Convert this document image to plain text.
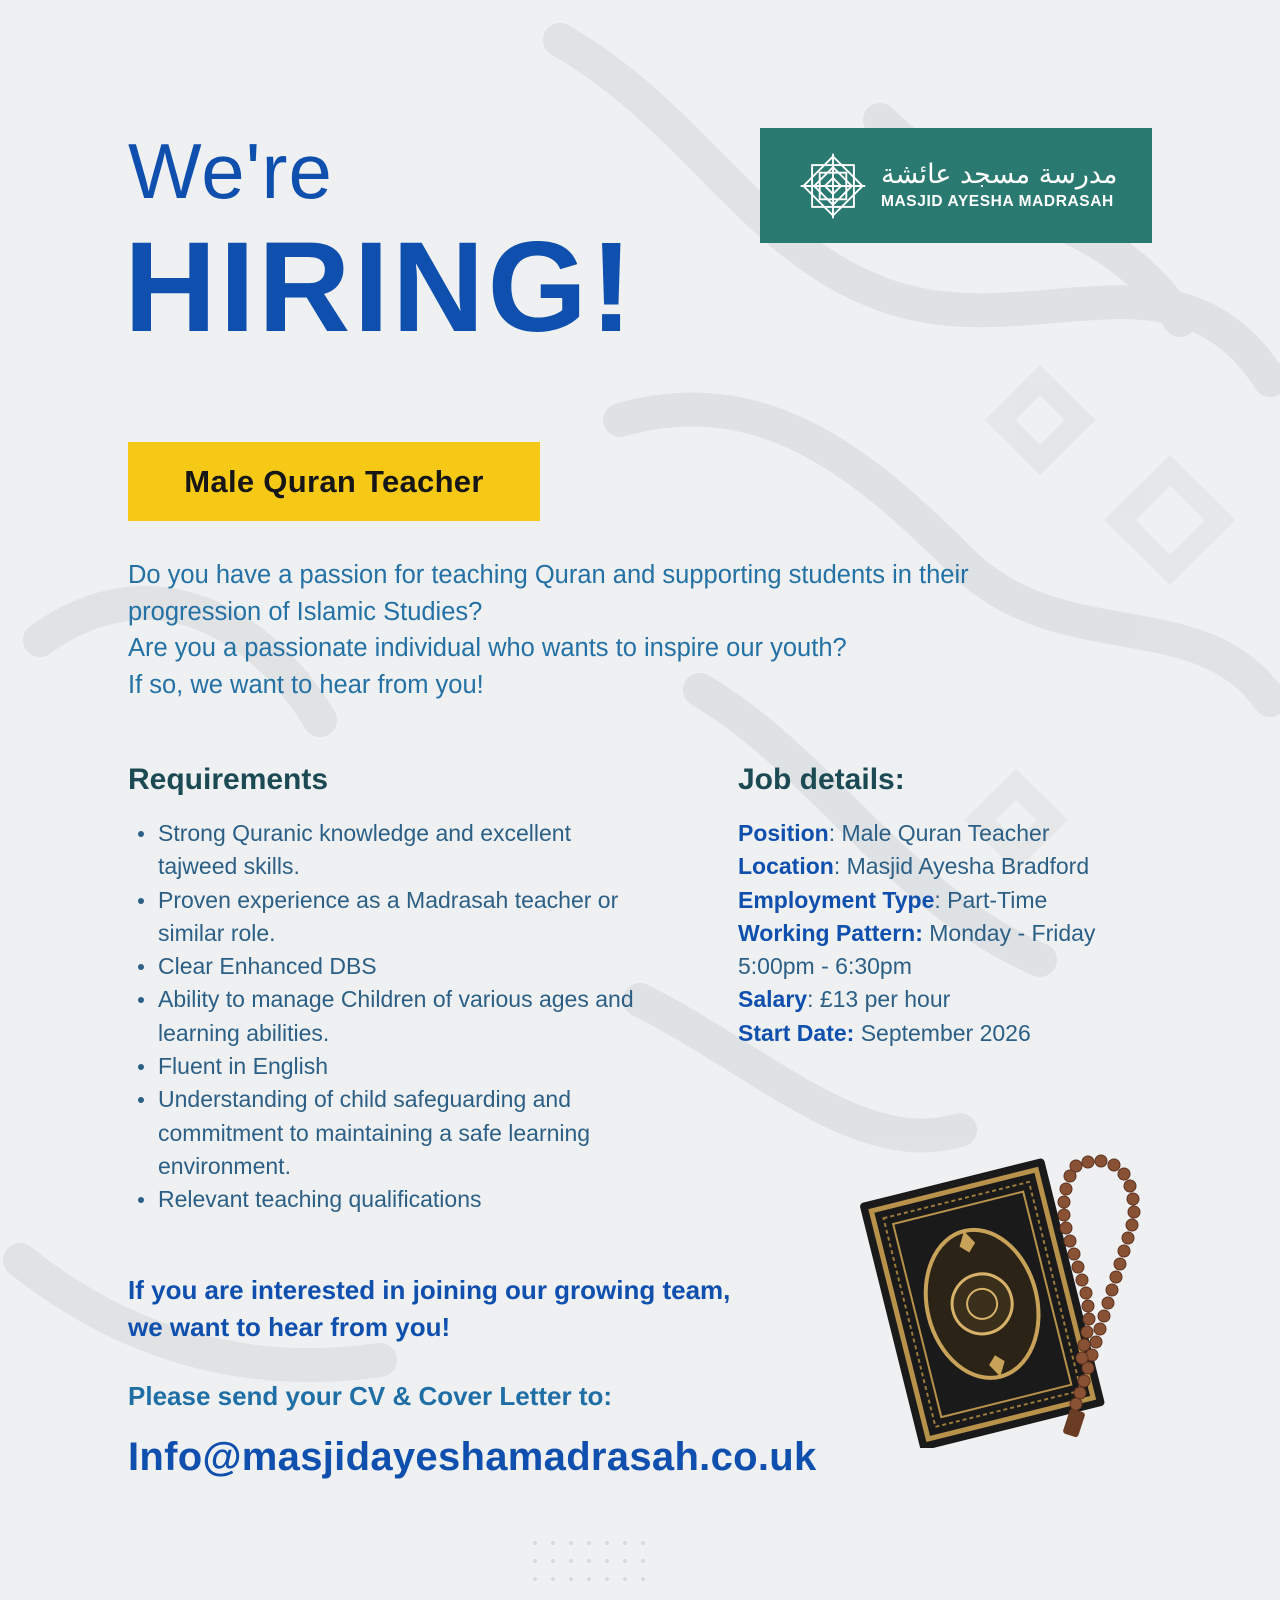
We're
HIRING!
مدرسة مسجد عائشة
MASJID AYESHA MADRASAH
Male Quran Teacher

Do you have a passion for teaching Quran and supporting students in their progression of Islamic Studies?

Are you a passionate individual who wants to inspire our youth?

If so, we want to hear from you!

Requirements
Strong Quranic knowledge and excellent tajweed skills.
Proven experience as a Madrasah teacher or similar role.
Clear Enhanced DBS
Ability to manage Children of various ages and learning abilities.
Fluent in English
Understanding of child safeguarding and commitment to maintaining a safe learning environment.
Relevant teaching qualifications
Job details:
Position: Male Quran Teacher
Location: Masjid Ayesha Bradford
Employment Type: Part-Time
Working Pattern: Monday - Friday 5:00pm - 6:30pm
Salary: £13 per hour
Start Date: September 2026
If you are interested in joining our growing team,
we want to hear from you!
Please send your CV & Cover Letter to:
Info@masjidayeshamadrasah.co.uk
